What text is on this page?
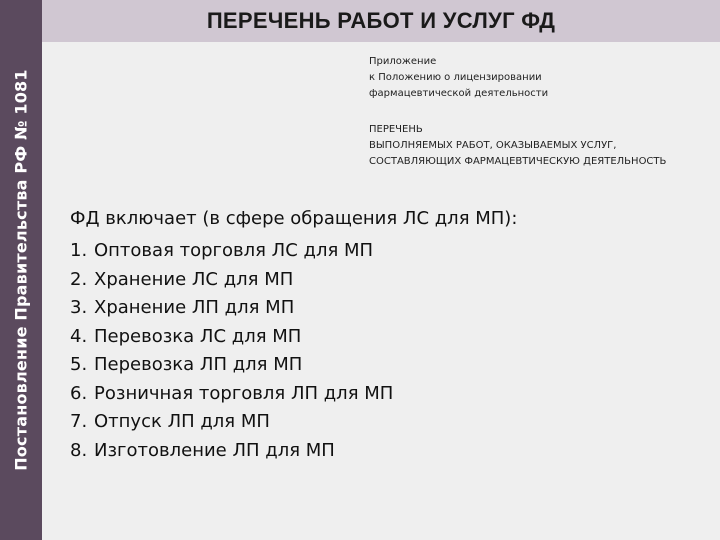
Постановление Правительства РФ № 1081
ПЕРЕЧЕНЬ РАБОТ И УСЛУГ ФД
Приложение
к Положению о лицензировании
фармацевтической деятельности
ПЕРЕЧЕНЬ
ВЫПОЛНЯЕМЫХ РАБОТ, ОКАЗЫВАЕМЫХ УСЛУГ,
СОСТАВЛЯЮЩИХ ФАРМАЦЕВТИЧЕСКУЮ ДЕЯТЕЛЬНОСТЬ
ФД включает (в сфере обращения ЛС для МП):
1. Оптовая торговля ЛС для МП
2. Хранение ЛС для МП
3. Хранение ЛП для МП
4. Перевозка ЛС для МП
5. Перевозка ЛП для МП
6. Розничная торговля ЛП для МП
7. Отпуск ЛП для МП
8. Изготовление ЛП для МП
